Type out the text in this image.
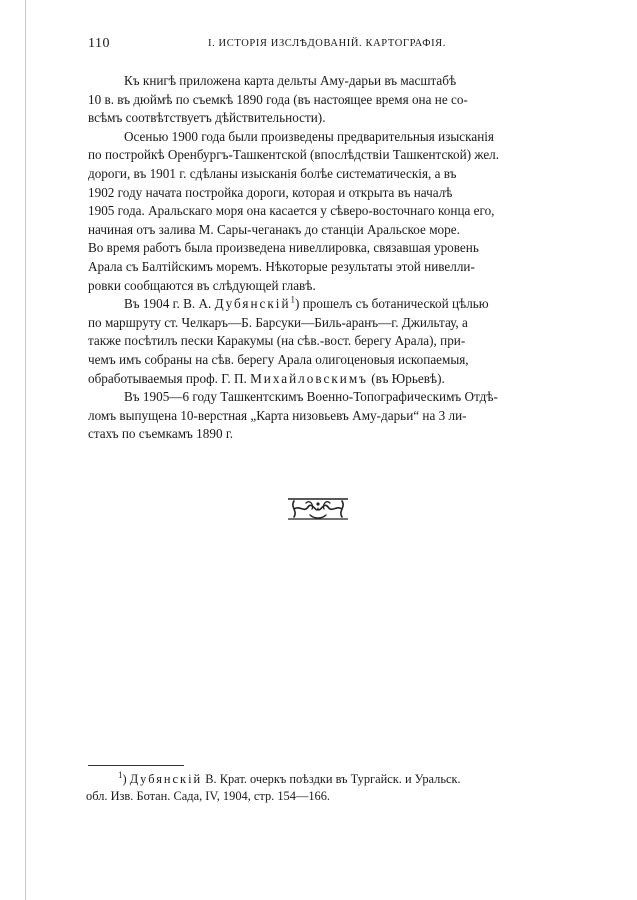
110	I. ИСТОРІЯ ИЗСЛѢДОВАНІЙ. КАРТОГРАФІЯ.

Къ книгѣ приложена карта дельты Аму-дарьи въ масштабѣ
10 в. въ дюймѣ по съемкѣ 1890 года (въ настоящее время она не со-
всѣмъ соотвѣтствуетъ дѣйствительности).

Осенью 1900 года были произведены предварительныя изысканія
по постройкѣ Оренбургъ-Ташкентской (впослѣдствіи Ташкентской) жел.
дороги, въ 1901 г. сдѣланы изысканія болѣе систематическія, а въ
1902 году начата постройка дороги, которая и открыта въ началѣ
1905 года. Аральскаго моря она касается у сѣверо-восточнаго конца его,
начиная отъ залива М. Сары-чеганакъ до станціи Аральское море.
Во время работъ была произведена нивеллировка, связавшая уровень
Арала съ Балтійскимъ моремъ. Нѣкоторые результаты этой нивелли-
ровки сообщаются въ слѣдующей главѣ.

Въ 1904 г. В. А. Дубянскій$^1$) прошелъ съ ботанической цѣлью
по маршруту ст. Челкаръ—Б. Барсуки—Биль-аранъ—г. Джильтау, а
также посѣтилъ пески Каракумы (на сѣв.-вост. берегу Арала), при-
чемъ имъ собраны на сѣв. берегу Арала олигоценовыя ископаемыя,
обработываемыя проф. Г. П. Михайловскимъ (въ Юрьевѣ).

Въ 1905—6 году Ташкентскимъ Военно-Топографическимъ Отдѣ-
ломъ выпущена 10-верстная „Карта низовьевъ Аму-дарьи“ на 3 ли-
стахъ по съемкамъ 1890 г.

$^1$) Дубянскій В. Крат. очеркъ поѣздки въ Тургайск. и Уральск.
обл. Изв. Ботан. Сада, IV, 1904, стр. 154—166.
